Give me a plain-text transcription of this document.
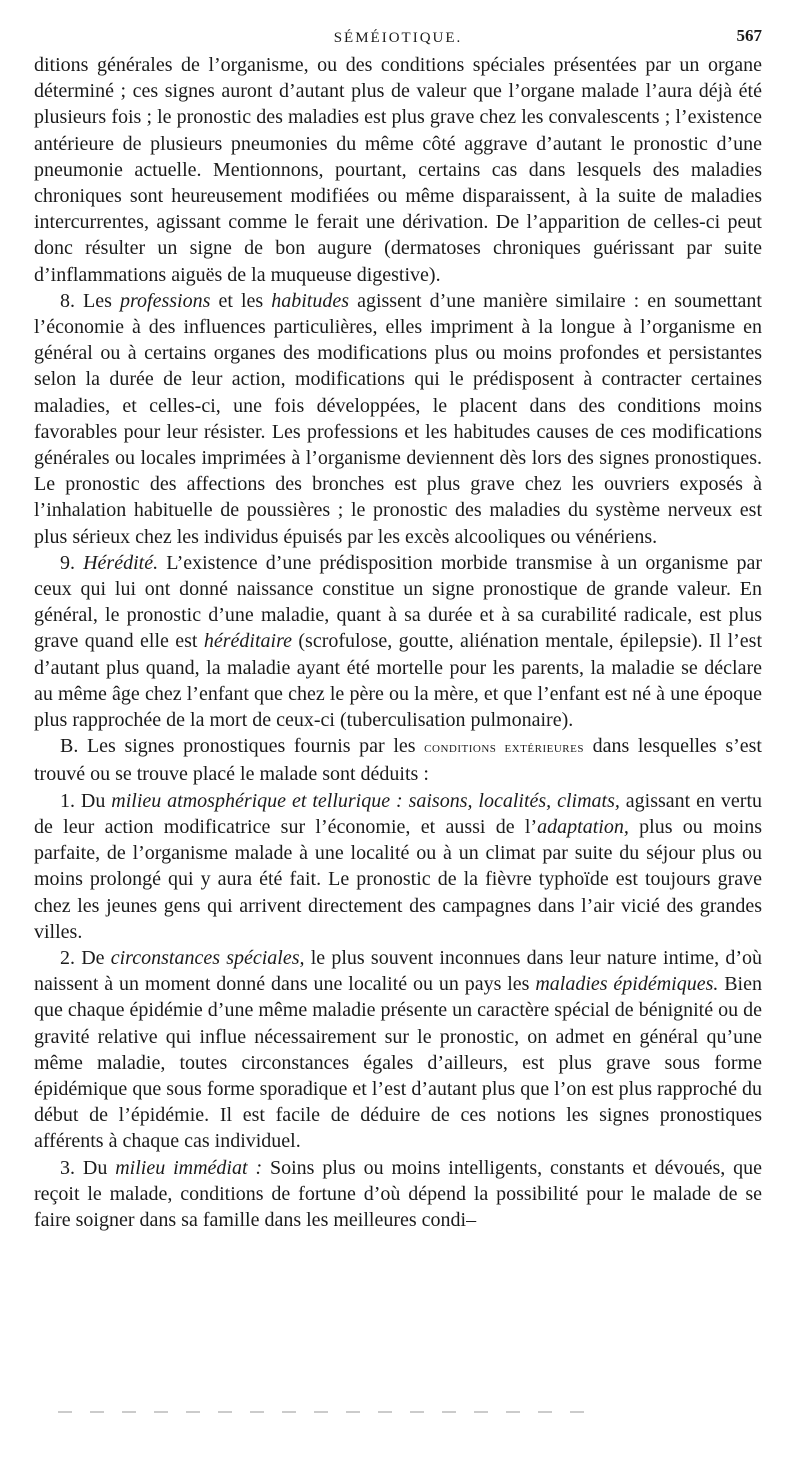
SÉMÉIOTIQUE.	567

ditions générales de l’organisme, ou des conditions spéciales présentées par un organe déterminé ; ces signes auront d’autant plus de valeur que l’organe malade l’aura déjà été plusieurs fois ; le pronostic des maladies est plus grave chez les convalescents ; l’existence antérieure de plusieurs pneumonies du même côté aggrave d’autant le pronostic d’une pneumonie actuelle. Mentionnons, pourtant, certains cas dans lesquels des maladies chroniques sont heureusement modifiées ou même disparaissent, à la suite de maladies intercurrentes, agissant comme le ferait une dérivation. De l’apparition de celles-ci peut donc résulter un signe de bon augure (dermatoses chroniques guérissant par suite d’inflammations aiguës de la muqueuse digestive).

8. Les professions et les habitudes agissent d’une manière similaire : en soumettant l’économie à des influences particulières, elles impriment à la longue à l’organisme en général ou à certains organes des modifications plus ou moins profondes et persistantes selon la durée de leur action, modifications qui le prédisposent à contracter certaines maladies, et celles-ci, une fois développées, le placent dans des conditions moins favorables pour leur résister. Les professions et les habitudes causes de ces modifications générales ou locales imprimées à l’organisme deviennent dès lors des signes pronostiques. Le pronostic des affections des bronches est plus grave chez les ouvriers exposés à l’inhalation habituelle de poussières ; le pronostic des maladies du système nerveux est plus sérieux chez les individus épuisés par les excès alcooliques ou vénériens.

9. Hérédité. L’existence d’une prédisposition morbide transmise à un organisme par ceux qui lui ont donné naissance constitue un signe pronostique de grande valeur. En général, le pronostic d’une maladie, quant à sa durée et à sa curabilité radicale, est plus grave quand elle est héréditaire (scrofulose, goutte, aliénation mentale, épilepsie). Il l’est d’autant plus quand, la maladie ayant été mortelle pour les parents, la maladie se déclare au même âge chez l’enfant que chez le père ou la mère, et que l’enfant est né à une époque plus rapprochée de la mort de ceux-ci (tuberculisation pulmonaire).

B. Les signes pronostiques fournis par les conditions extérieures dans lesquelles s’est trouvé ou se trouve placé le malade sont déduits :

1. Du milieu atmosphérique et tellurique : saisons, localités, climats, agissant en vertu de leur action modificatrice sur l’économie, et aussi de l’adaptation, plus ou moins parfaite, de l’organisme malade à une localité ou à un climat par suite du séjour plus ou moins prolongé qui y aura été fait. Le pronostic de la fièvre typhoïde est toujours grave chez les jeunes gens qui arrivent directement des campagnes dans l’air vicié des grandes villes.

2. De circonstances spéciales, le plus souvent inconnues dans leur nature intime, d’où naissent à un moment donné dans une localité ou un pays les maladies épidémiques. Bien que chaque épidémie d’une même maladie présente un caractère spécial de bénignité ou de gravité relative qui influe nécessairement sur le pronostic, on admet en général qu’une même maladie, toutes circonstances égales d’ailleurs, est plus grave sous forme épidémique que sous forme sporadique et l’est d’autant plus que l’on est plus rapproché du début de l’épidémie. Il est facile de déduire de ces notions les signes pronostiques afférents à chaque cas individuel.

3. Du milieu immédiat : Soins plus ou moins intelligents, constants et dévoués, que reçoit le malade, conditions de fortune d’où dépend la possibilité pour le malade de se faire soigner dans sa famille dans les meilleures condi–
